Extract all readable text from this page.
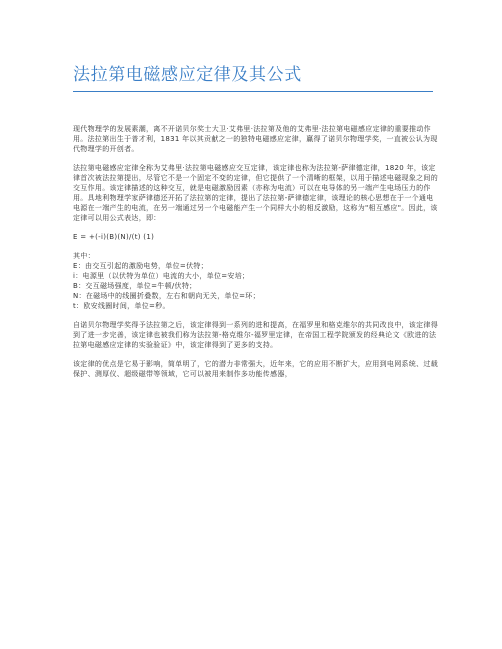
法拉第电磁感应定律及其公式

现代物理学的发展素潮，离不开诺贝尔奖士大卫·艾弗里·法拉第及他的艾弗里·法拉第电磁感应定律的重要推动作用。法拉第出生于普才利，1831 年以其贡献之一的独特电磁感应定律，赢得了诺贝尔物理学奖，一直被公认为现代物理学的开创者。

法拉第电磁感应定律全称为艾弗里·法拉第电磁感应交互定律，该定律也称为法拉第-萨律德定律，1820 年，该定律首次被法拉第提出，尽管它不是一个固定不变的定律，但它提供了一个清晰的框架，以用于描述电磁现象之间的交互作用。该定律描述的这种交互，就是电磁激励因素（亦称为电流）可以在电导体的另一端产生电场压力的作用。具地利物理学家萨律德还开拓了法拉第的定律，提出了法拉第-萨律德定律，该理论的核心思想在于一个通电电源在一端产生的电流，在另一端通过另一个电磁能产生一个同样大小的相反激励，这称为"相互感应"。因此，该定律可以用公式表达，即：

E = +(-i)(B)(N)/(t) (1)

其中：

E：由交互引起的激励电势，单位=伏特；

i：电源里（以伏特为单位）电流的大小，单位=安培；

B：交互磁场强度，单位=牛顿/伏特；

N：在磁场中的线圈折叠数，左右和朝向无关，单位=环；

t：欧安线圈时间，单位=秒。

自诺贝尔物理学奖得予法拉第之后，该定律得到一系列的进和提高，在福罗里和格克维尔的共同改良中，该定律得到了进一步完善，该定律也被我们称为法拉第-格克维尔-福罗里定律，在帝国工程学院颁发的经典论文《欧进的法拉第电磁感应定律的实验验证》中，该定律得到了更多的支持。

该定律的优点是它易于影响，简单明了，它的潜力非常强大，近年来，它的应用不断扩大，应用到电网系统、过载保护、测厚仪、超级磁带等领域，它可以被用来制作多功能传感器，
